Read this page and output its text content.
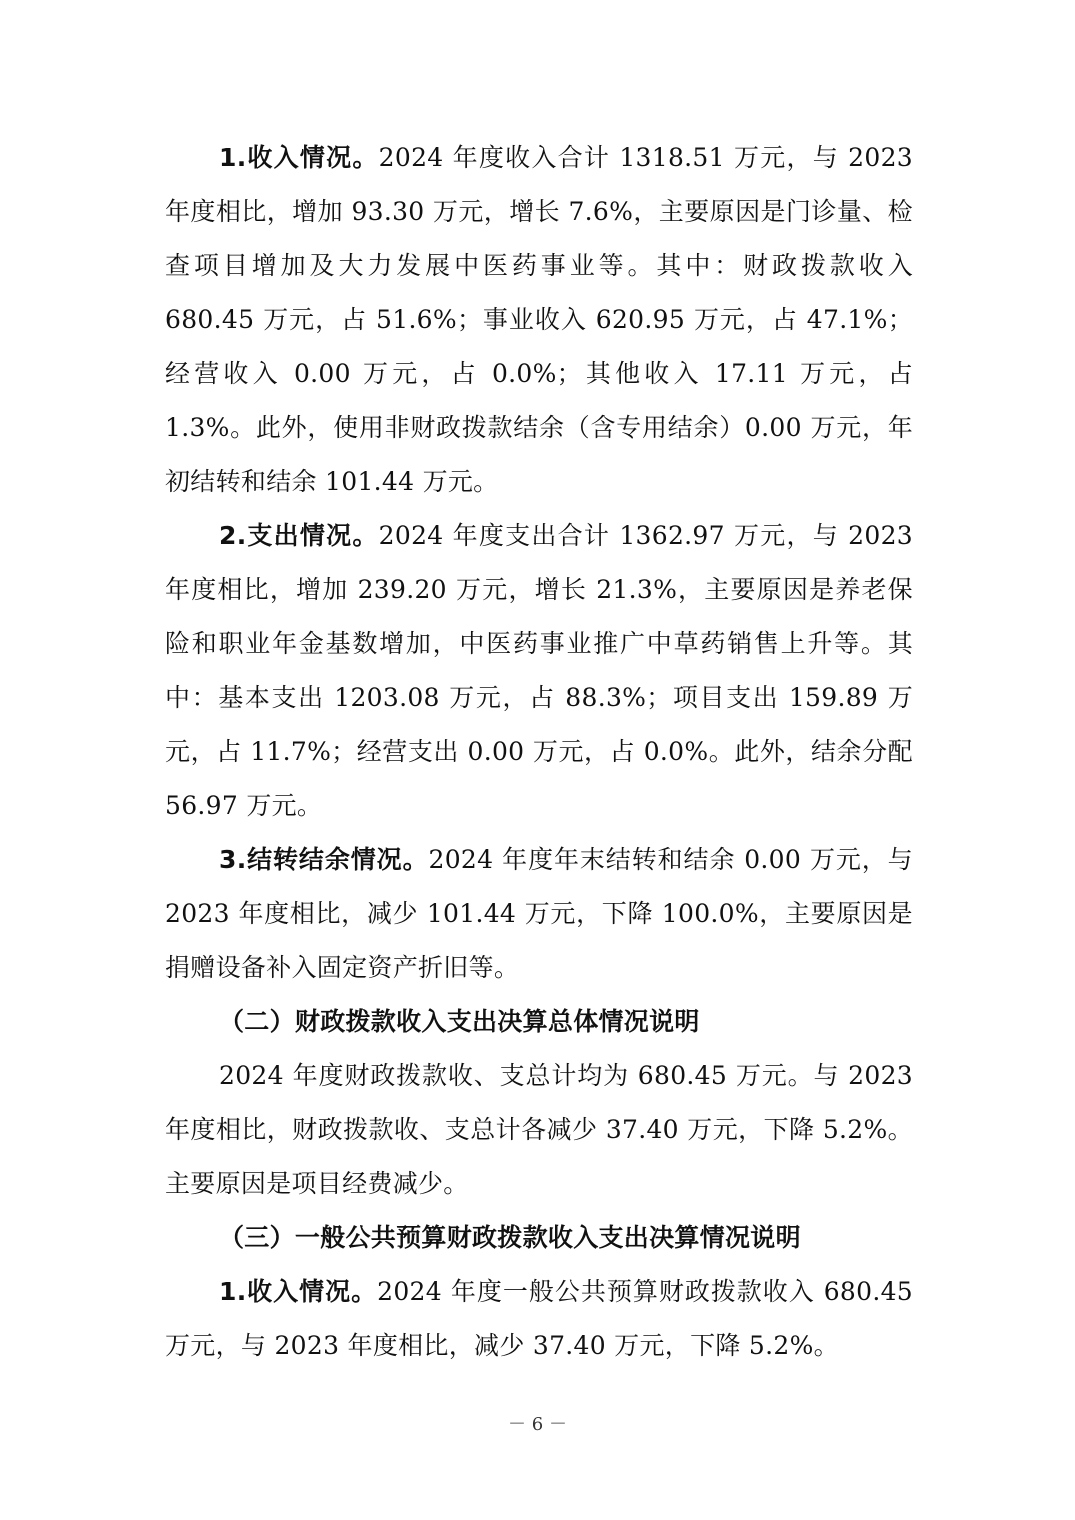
1.收入情况。2024 年度收入合计 1318.51 万元，与 2023 年度相比，增加 93.30 万元，增长 7.6%，主要原因是门诊量、检查项目增加及大力发展中医药事业等。其中：财政拨款收入 680.45 万元，占 51.6%；事业收入 620.95 万元，占 47.1%；经营收入 0.00 万元，占 0.0%；其他收入 17.11 万元，占 1.3%。此外，使用非财政拨款结余（含专用结余）0.00 万元，年初结转和结余 101.44 万元。

2.支出情况。2024 年度支出合计 1362.97 万元，与 2023 年度相比，增加 239.20 万元，增长 21.3%，主要原因是养老保险和职业年金基数增加，中医药事业推广中草药销售上升等。其中：基本支出 1203.08 万元，占 88.3%；项目支出 159.89 万元，占 11.7%；经营支出 0.00 万元，占 0.0%。此外，结余分配 56.97 万元。

3.结转结余情况。2024 年度年末结转和结余 0.00 万元，与 2023 年度相比，减少 101.44 万元，下降 100.0%，主要原因是捐赠设备补入固定资产折旧等。

（二）财政拨款收入支出决算总体情况说明

2024 年度财政拨款收、支总计均为 680.45 万元。与 2023 年度相比，财政拨款收、支总计各减少 37.40 万元，下降 5.2%。主要原因是项目经费减少。

（三）一般公共预算财政拨款收入支出决算情况说明

1.收入情况。2024 年度一般公共预算财政拨款收入 680.45 万元，与 2023 年度相比，减少 37.40 万元，下降 5.2%。

－ 6 －
